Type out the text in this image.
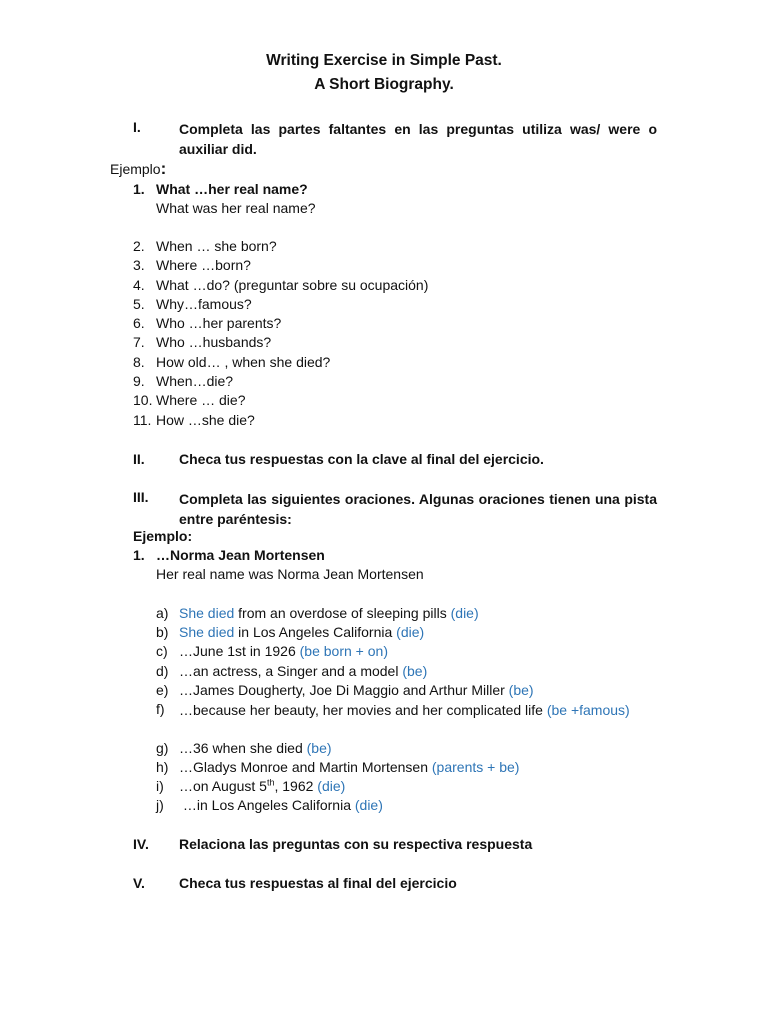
Writing Exercise in Simple Past.
A Short Biography.
I.	Completa las partes faltantes en las preguntas utiliza was/ were o auxiliar did.
Ejemplo:
1. What …her real name?
What was her real name?
2. When … she born?
3. Where …born?
4. What …do? (preguntar sobre su ocupación)
5. Why…famous?
6. Who …her parents?
7. Who …husbands?
8. How old… , when she died?
9. When…die?
10. Where … die?
11. How …she die?
II. Checa tus respuestas con la clave al final del ejercicio.
III. Completa las siguientes oraciones. Algunas oraciones tienen una pista entre paréntesis:
Ejemplo:
1. …Norma Jean Mortensen
Her real name was Norma Jean Mortensen
a) She died from an overdose of sleeping pills (die)
b) She died in Los Angeles California (die)
c) …June 1st in 1926 (be born + on)
d) …an actress, a Singer and a model (be)
e) …James Dougherty, Joe Di Maggio and Arthur Miller (be)
f) …because her beauty, her movies and her complicated life (be +famous)
g) …36 when she died (be)
h) …Gladys Monroe and Martin Mortensen (parents + be)
i) …on August 5th, 1962 (die)
j) …in Los Angeles California (die)
IV. Relaciona las preguntas con su respectiva respuesta
V. Checa tus respuestas al final del ejercicio
